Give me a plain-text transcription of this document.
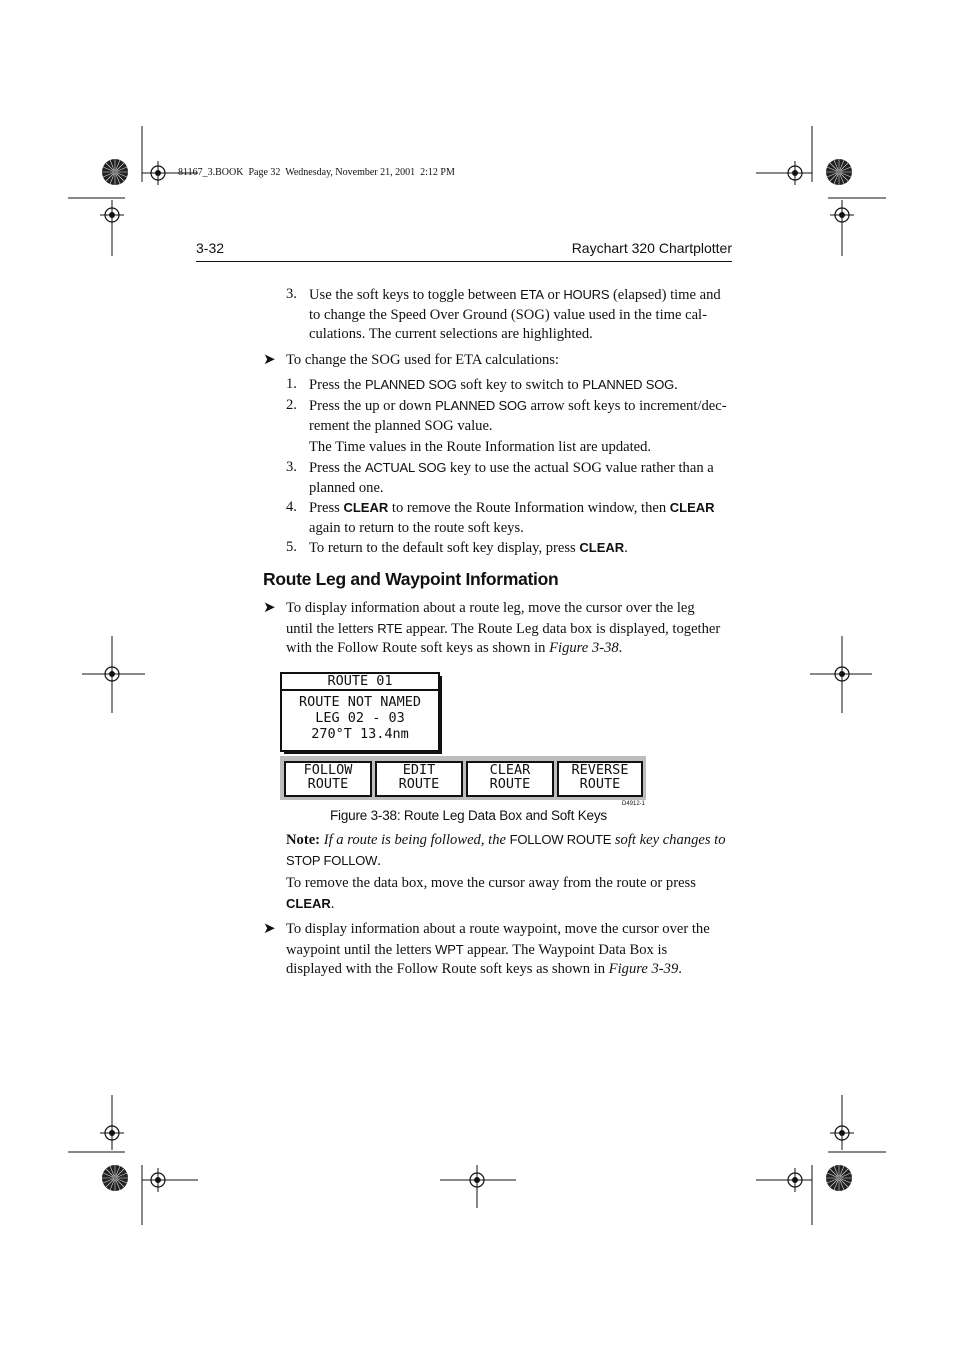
81167_3.BOOK  Page 32  Wednesday, November 21, 2001  2:12 PM
3-32	Raychart 320 Chartplotter
3. Use the soft keys to toggle between ETA or HOURS (elapsed) time and
to change the Speed Over Ground (SOG) value used in the time cal-
culations. The current selections are highlighted.
➤ To change the SOG used for ETA calculations:
1. Press the PLANNED SOG soft key to switch to PLANNED SOG.
2. Press the up or down PLANNED SOG arrow soft keys to increment/dec-
rement the planned SOG value.
The Time values in the Route Information list are updated.
3. Press the ACTUAL SOG key to use the actual SOG value rather than a
planned one.
4. Press CLEAR to remove the Route Information window, then CLEAR
again to return to the route soft keys.
5. To return to the default soft key display, press CLEAR.
Route Leg and Waypoint Information
➤ To display information about a route leg, move the cursor over the leg
until the letters RTE appear. The Route Leg data box is displayed, together
with the Follow Route soft keys as shown in Figure 3-38.
ROUTE 01
ROUTE NOT NAMED
LEG 02 - 03
270°T 13.4nm
FOLLOW
ROUTE
EDIT
ROUTE
CLEAR
ROUTE
REVERSE
ROUTE
D4912-1
Figure 3-38: Route Leg Data Box and Soft Keys
Note: If a route is being followed, the FOLLOW ROUTE soft key changes to
STOP FOLLOW.
To remove the data box, move the cursor away from the route or press
CLEAR.
➤ To display information about a route waypoint, move the cursor over the
waypoint until the letters WPT appear. The Waypoint Data Box is
displayed with the Follow Route soft keys as shown in Figure 3-39.
